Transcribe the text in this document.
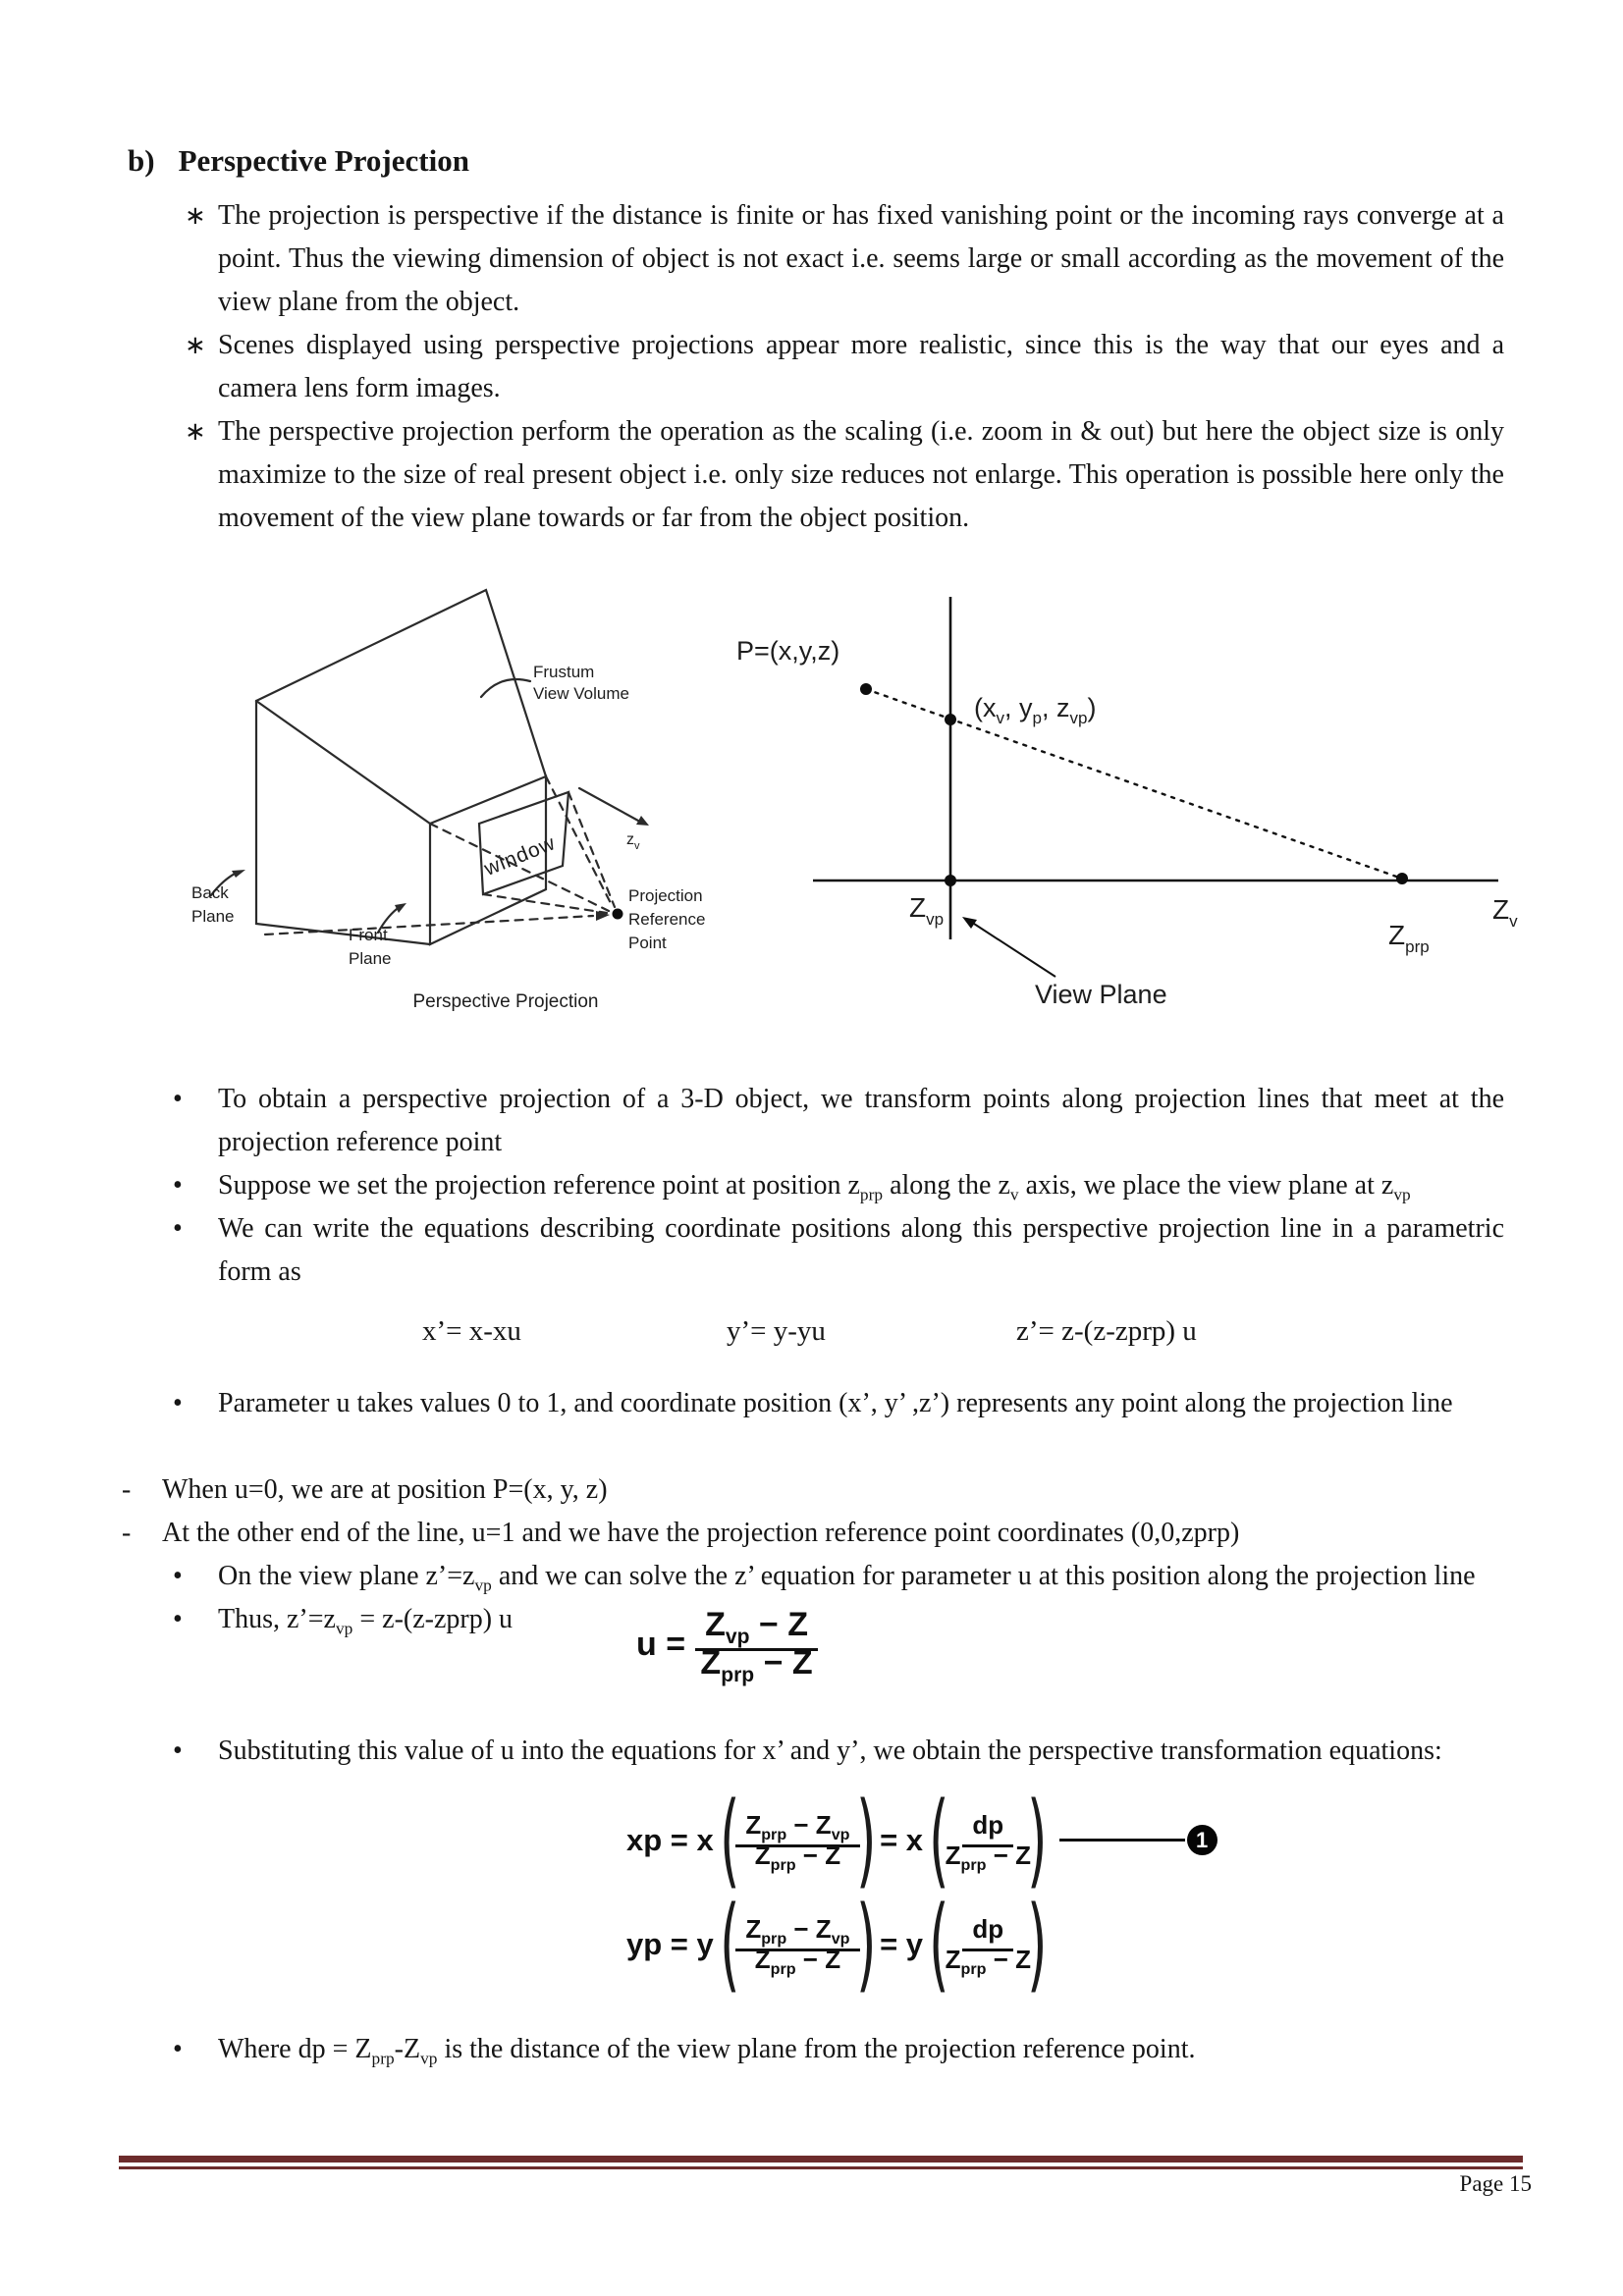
b) Perspective Projection
∗ The projection is perspective if the distance is finite or has fixed vanishing point or the incoming rays converge at a point. Thus the viewing dimension of object is not exact i.e. seems large or small according as the movement of the view plane from the object.
∗ Scenes displayed using perspective projections appear more realistic, since this is the way that our eyes and a camera lens form images.
∗ The perspective projection perform the operation as the scaling (i.e. zoom in & out) but here the object size is only maximize to the size of real present object i.e. only size reduces not enlarge. This operation is possible here only the movement of the view plane towards or far from the object position.
$z_v$
Frustum
View Volume
Back
Plane
Front
Plane
window
Projection
Reference
Point
Perspective Projection
P=(x,y,z)
($x_v$, $y_p$, $z_{vp}$)
$Z_{vp}$	$Z_v$
$Z_{prp}$
View Plane
• To obtain a perspective projection of a 3-D object, we transform points along projection lines that meet at the projection reference point
• Suppose we set the projection reference point at position $z_{prp}$ along the $z_v$ axis, we place the view plane at $z_{vp}$
• We can write the equations describing coordinate positions along this perspective projection line in a parametric form as
x’= x-xu	y’= y-yu	z’= z-(z-zprp) u
• Parameter u takes values 0 to 1, and coordinate position (x’, y’ ,z’) represents any point along the projection line
- When u=0, we are at position P=(x, y, z)
- At the other end of the line, u=1 and we have the projection reference point coordinates (0,0,zprp)
• On the view plane $z’=z_{vp}$ and we can solve the z’ equation for parameter u at this position along the projection line
• Thus, $z’=z_{vp}$ = z-(z-zprp) u
u =
$Z_{vp} - Z$
$Z_{prp} - Z$
• Substituting this value of u into the equations for x’ and y’, we obtain the perspective transformation equations:
xp = x ( $Z_{prp} - Z_{vp}$
$Z_{prp} - Z$ ) = x ( dp
$Z_{prp} - Z$
)	1
yp = y ( $Z_{prp} - Z_{vp}$
$Z_{prp} - Z$ ) = y ( dp
$Z_{prp} - Z$
)
• Where dp = $Z_{prp}-Z_{vp}$ is the distance of the view plane from the projection reference point.
Page 15
